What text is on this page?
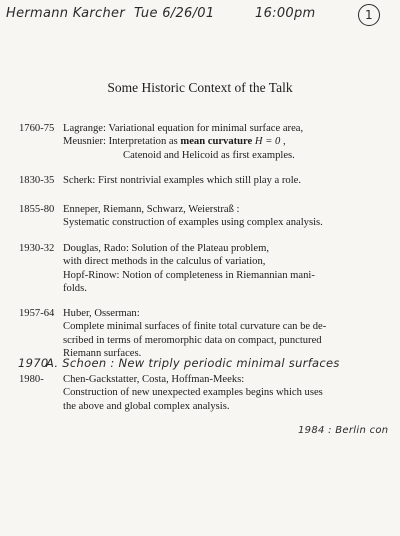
Hermann Karcher Tue 6/26/01	16:00pm	1
Some Historic Context of the Talk
1760-75 Lagrange: Variational equation for minimal surface area,
Meusnier: Interpretation as mean curvature H = 0 ,
Catenoid and Helicoid as first examples.
1830-35 Scherk: First nontrivial examples which still play a role.
1855-80 Enneper, Riemann, Schwarz, Weierstraß :
Systematic construction of examples using complex analysis.
1930-32 Douglas, Rado: Solution of the Plateau problem,
with direct methods in the calculus of variation,
Hopf-Rinow: Notion of completeness in Riemannian mani-
folds.
1957-64 Huber, Osserman:
Complete minimal surfaces of finite total curvature can be de-
scribed in terms of meromorphic data on compact, punctured
Riemann surfaces.
1970
A. Schoen : New triply periodic minimal surfaces
1980- Chen-Gackstatter, Costa, Hoffman-Meeks:
Construction of new unexpected examples begins which uses
the above and global complex analysis.
1984 : Berlin con
